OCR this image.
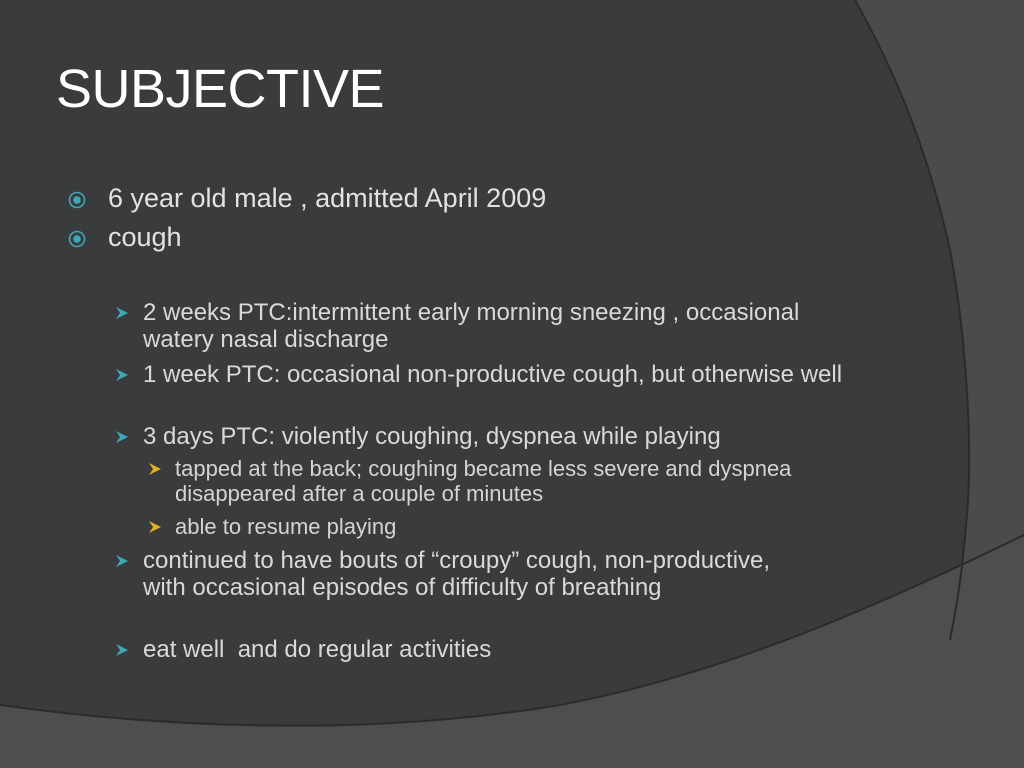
SUBJECTIVE
6 year old male , admitted April 2009
cough
2 weeks PTC:intermittent early morning sneezing , occasional watery nasal discharge
1 week PTC: occasional non-productive cough, but otherwise well
3 days PTC: violently coughing, dyspnea while playing
tapped at the back; coughing became less severe and dyspnea disappeared after a couple of minutes
able to resume playing
continued to have bouts of “croupy” cough, non-productive, with occasional episodes of difficulty of breathing
eat well  and do regular activities
